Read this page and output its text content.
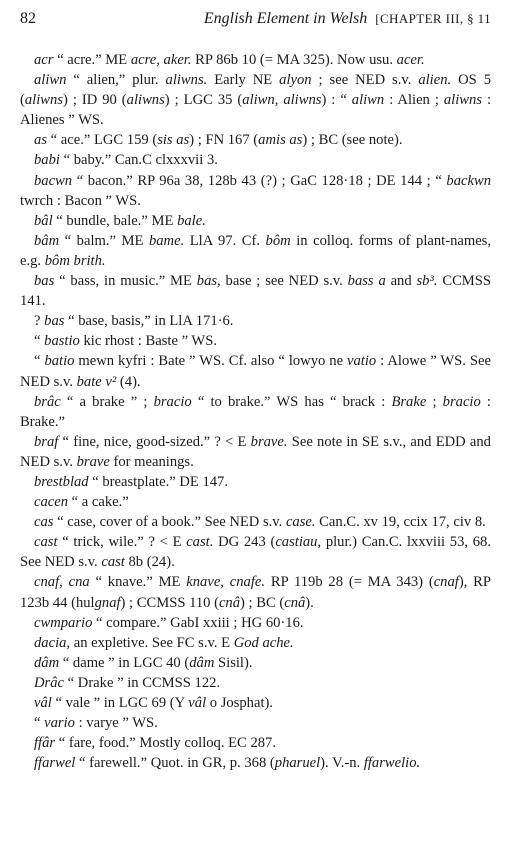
82	English Element in Welsh [CHAPTER III, § 11

acr “ acre.” ME acre, aker. RP 86b 10 (= MA 325). Now usu. acer.

aliwn “ alien,” plur. aliwns. Early NE alyon ; see NED s.v. alien. OS 5 (aliwns) ; ID 90 (aliwns) ; LGC 35 (aliwn, aliwns) : “ aliwn : Alien ; aliwns : Alienes ” WS.

as “ ace.” LGC 159 (sis as) ; FN 167 (amis as) ; BC (see note).

babi “ baby.” Can.C clxxxvii 3.

bacwn “ bacon.” RP 96a 38, 128b 43 (?) ; GaC 128·18 ; DE 144 ; “ backwn twrch : Bacon ” WS.

bâl “ bundle, bale.” ME bale.

bâm “ balm.” ME bame. LlA 97. Cf. bôm in colloq. forms of plant-names, e.g. bôm brith.

bas “ bass, in music.” ME bas, base ; see NED s.v. bass a and sb³. CCMSS 141.

? bas “ base, basis,” in LlA 171·6.

“ bastio kic rhost : Baste ” WS.

“ batio mewn kyfri : Bate ” WS. Cf. also “ lowyo ne vatio : Alowe ” WS. See NED s.v. bate v² (4).

brâc “ a brake ” ; bracio “ to brake.” WS has “ brack : Brake ; bracio : Brake.”

braf “ fine, nice, good-sized.” ? < E brave. See note in SE s.v., and EDD and NED s.v. brave for meanings.

brestblad “ breastplate.” DE 147.

cacen “ a cake.”

cas “ case, cover of a book.” See NED s.v. case. Can.C. xv 19, ccix 17, civ 8.

cast “ trick, wile.” ? < E cast. DG 243 (castiau, plur.) Can.C. lxxviii 53, 68. See NED s.v. cast 8b (24).

cnaf, cna “ knave.” ME knave, cnafe. RP 119b 28 (= MA 343) (cnaf), RP 123b 44 (hulgnaf) ; CCMSS 110 (cnâ) ; BC (cnâ).

cwmpario “ compare.” GabI xxiii ; HG 60·16.

dacia, an expletive. See FC s.v. E God ache.

dâm “ dame ” in LGC 40 (dâm Sisil).

Drâc “ Drake ” in CCMSS 122.

vâl “ vale ” in LGC 69 (Y vâl o Josphat).

“ vario : varye ” WS.

ffâr “ fare, food.” Mostly colloq. EC 287.

ffarwel “ farewell.” Quot. in GR, p. 368 (pharuel). V.-n. ffarwelio.
